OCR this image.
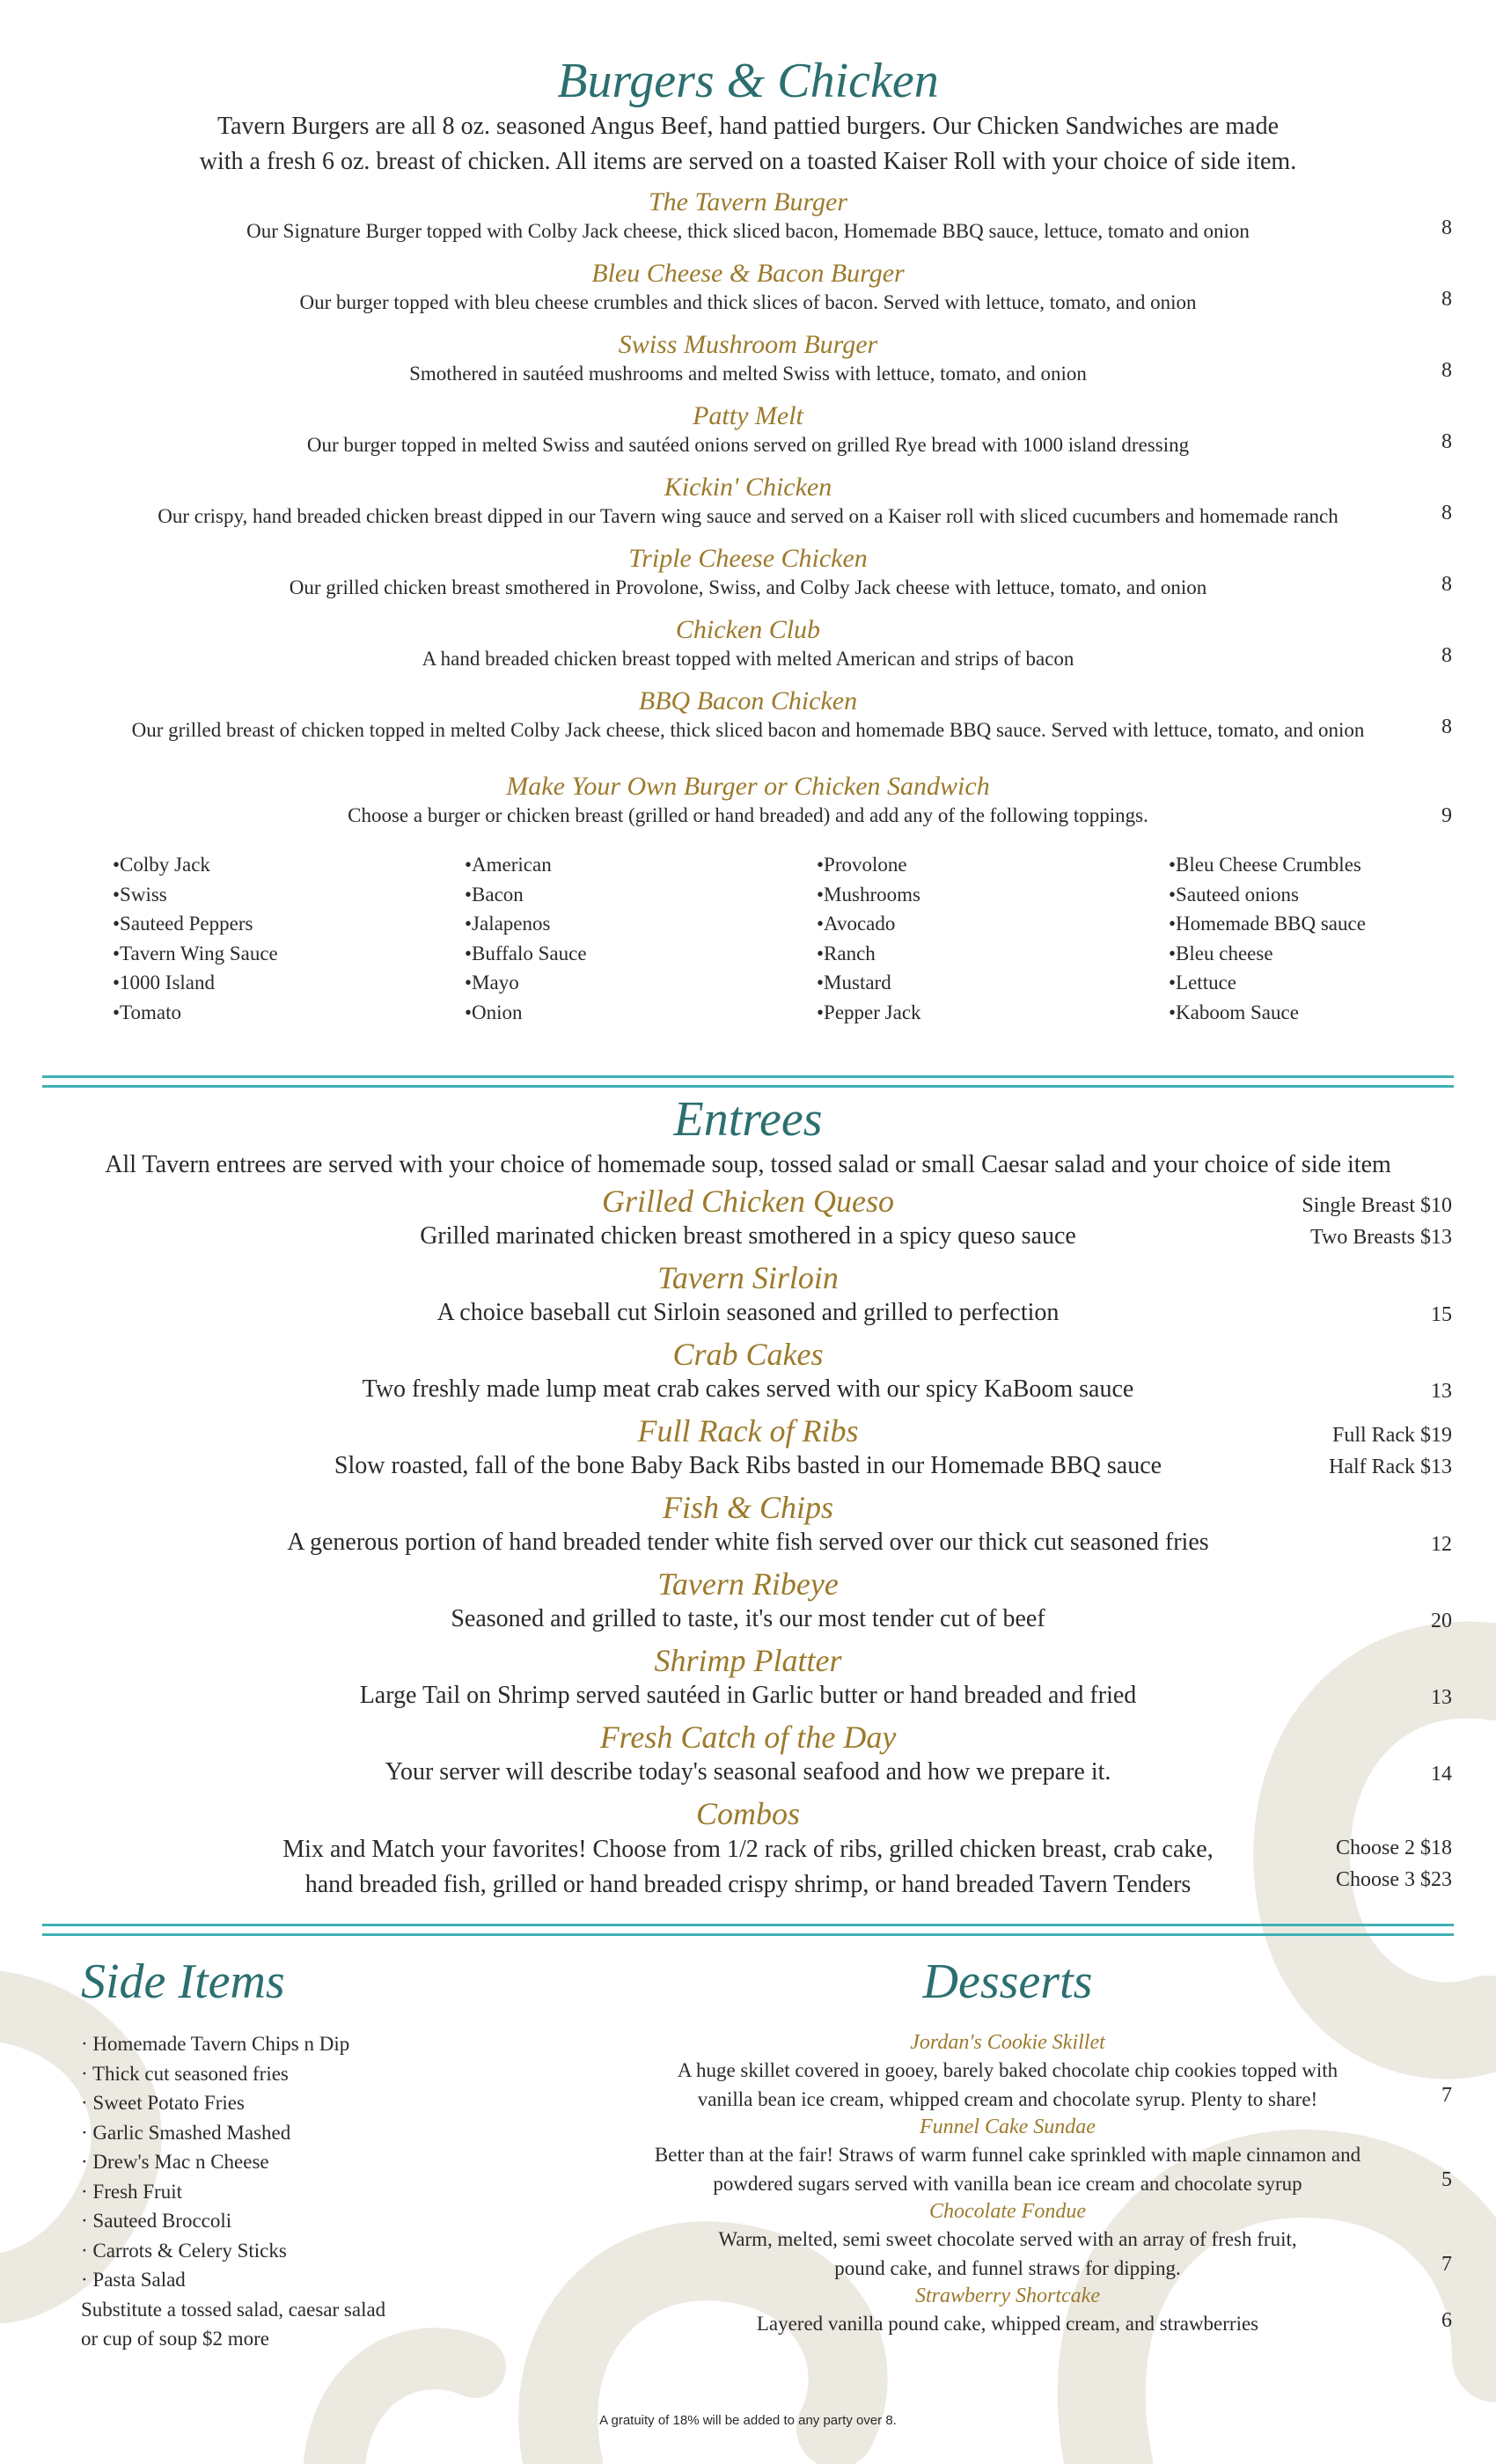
Burgers & Chicken
Tavern Burgers are all 8 oz. seasoned Angus Beef, hand pattied burgers. Our Chicken Sandwiches are made
with a fresh 6 oz. breast of chicken. All items are served on a toasted Kaiser Roll with your choice of side item.
The Tavern Burger
Our Signature Burger topped with Colby Jack cheese, thick sliced bacon, Homemade BBQ sauce, lettuce, tomato and onion	8
Bleu Cheese & Bacon Burger
Our burger topped with bleu cheese crumbles and thick slices of bacon. Served with lettuce, tomato, and onion	8
Swiss Mushroom Burger
Smothered in sautéed mushrooms and melted Swiss with lettuce, tomato, and onion	8
Patty Melt
Our burger topped in melted Swiss and sautéed onions served on grilled Rye bread with 1000 island dressing	8
Kickin' Chicken
Our crispy, hand breaded chicken breast dipped in our Tavern wing sauce and served on a Kaiser roll with sliced cucumbers and homemade ranch	8
Triple Cheese Chicken
Our grilled chicken breast smothered in Provolone, Swiss, and Colby Jack cheese with lettuce, tomato, and onion	8
Chicken Club
A hand breaded chicken breast topped with melted American and strips of bacon	8
BBQ Bacon Chicken
Our grilled breast of chicken topped in melted Colby Jack cheese, thick sliced bacon and homemade BBQ sauce. Served with lettuce, tomato, and onion	8
Make Your Own Burger or Chicken Sandwich
Choose a burger or chicken breast (grilled or hand breaded) and add any of the following toppings.	9
•Colby Jack
•Swiss
•Sauteed Peppers
•Tavern Wing Sauce
•1000 Island
•Tomato
•American
•Bacon
•Jalapenos
•Buffalo Sauce
•Mayo
•Onion
•Provolone
•Mushrooms
•Avocado
•Ranch
•Mustard
•Pepper Jack
•Bleu Cheese Crumbles
•Sauteed onions
•Homemade BBQ sauce
•Bleu cheese
•Lettuce
•Kaboom Sauce
Entrees
All Tavern entrees are served with your choice of homemade soup, tossed salad or small Caesar salad and your choice of side item
Grilled Chicken Queso
Grilled marinated chicken breast smothered in a spicy queso sauce
Single Breast $10
Two Breasts $13
Tavern Sirloin
A choice baseball cut Sirloin seasoned and grilled to perfection	15
Crab Cakes
Two freshly made lump meat crab cakes served with our spicy KaBoom sauce	13
Full Rack of Ribs
Slow roasted, fall of the bone Baby Back Ribs basted in our Homemade BBQ sauce
Full Rack $19
Half Rack $13
Fish & Chips
A generous portion of hand breaded tender white fish served over our thick cut seasoned fries	12
Tavern Ribeye
Seasoned and grilled to taste, it's our most tender cut of beef	20
Shrimp Platter
Large Tail on Shrimp served sautéed in Garlic butter or hand breaded and fried	13
Fresh Catch of the Day
Your server will describe today's seasonal seafood and how we prepare it.	14
Combos
Mix and Match your favorites! Choose from 1/2 rack of ribs, grilled chicken breast, crab cake,
hand breaded fish, grilled or hand breaded crispy shrimp, or hand breaded Tavern Tenders
Choose 2 $18
Choose 3 $23
Side Items
· Homemade Tavern Chips n Dip
· Thick cut seasoned fries
· Sweet Potato Fries
· Garlic Smashed Mashed
· Drew's Mac n Cheese
· Fresh Fruit
· Sauteed Broccoli
· Carrots & Celery Sticks
· Pasta Salad
Substitute a tossed salad, caesar salad
or cup of soup $2 more
Desserts
Jordan's Cookie Skillet
A huge skillet covered in gooey, barely baked chocolate chip cookies topped with
vanilla bean ice cream, whipped cream and chocolate syrup. Plenty to share!	7
Funnel Cake Sundae
Better than at the fair! Straws of warm funnel cake sprinkled with maple cinnamon and
powdered sugars served with vanilla bean ice cream and chocolate syrup	5
Chocolate Fondue
Warm, melted, semi sweet chocolate served with an array of fresh fruit,
pound cake, and funnel straws for dipping.	7
Strawberry Shortcake
Layered vanilla pound cake, whipped cream, and strawberries	6
A gratuity of 18% will be added to any party over 8.
